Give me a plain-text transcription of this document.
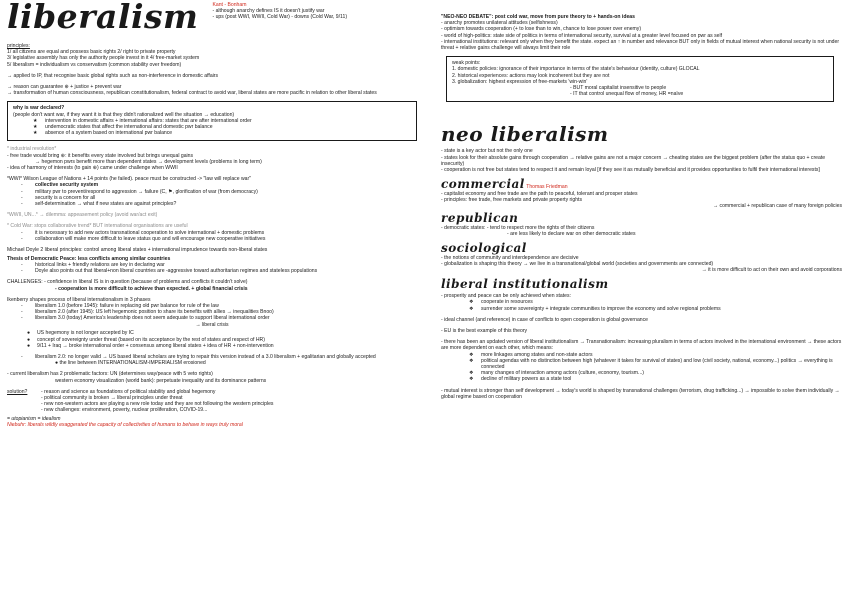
liberalism	Kant - Bonham

- although anarchy defines IS it doesn't justify war

- ups (post WWI, WWII, Cold War) - downs (Cold War, 9/11)

principles:

1/ all citizens are equal and possess basic rights 2/ right to private property

3/ legislative assembly has only the authority people invest in it 4/ free-market system

5/ liberalism = individualism vs conservatism (common stability over freedom)

→ applied to IP, that recognise basic global rights such as non-interference in domestic affairs

→ reason can guarantee ⊕ + justice + prevent war

→ transformation of human consciousness, republican constitutionalism, federal contract to avoid war, liberal states are more pacific in relation to other liberal states

why is war declared?

(people don't want war, if they want it is that they didn't rationalized well the situation → education)

★	intervention in domestic affairs + international affairs: states that are after international order
★	undemocratic states that affect the international and domestic pwr balance
★	absence of a system based on international pwr balance

* industrial revolution*

- free trade would bring ⊕: it benefits every state involved but brings unequal gains

→ hegemon pwrs benefit more than dependent states → development levels (problems in long term)

- idea of harmony of interests (to gain ⊕) came under challenge when WWII

*WWI* Wilson League of Nations + 14 points (he failed). peace must be constructed -> "law will replace war"

-	collective security system
-	military pwr to prevent/respond to aggression → failure (C, ⚑, glorification of war (from democracy)
-	security is a concern for all
-	self-determination → what if new states are against principles?

*WWII, UN...* → dilemma: appeasement policy (avoid war/act exit)

* Cold War: stops collaborative trend* BUT international organisations are useful

-	it is necessary to add new actors transnational cooperation to solve international + domestic problems
-	collaboration will make more difficult to leave status quo and will encourage new cooperative initiatives

Michael Doyle 2 liberal principles: control among liberal states + international imprudence towards non-liberal states

Thesis of Democratic Peace: less conflicts among similar countries

-	historical links + friendly relations are key in declaring war
-	Doyle also points out that liberal+non liberal countries are -aggressive toward authoritarian regimes and stateless populations

CHALLENGES: - confidence in liberal IS is in question (because of problems and conflicts it couldn't solve)

- cooperation is more difficult to achieve than expected. + global financial crisis

Ikenberry shapes process of liberal internationalism in 3 phases

-	liberalism 1.0 (before 1945): failure in replacing old pwr balance for rule of the law
-	liberalism 2.0 (after 1945): US left hegemonic position to share its benefits with allies → inequalities Bnoo)
-	liberalism 3.0 (today) America's leadership does not seem adequate to support liberal international order

→ liberal crisis

●	US hegemony is not longer accepted by IC
●	concept of sovereignty under threat (based on its acceptance by the rest of states and respect of HR)
●	9/11 + Iraq → broke international order + consensus among liberal states + idea of HR + non-intervention
-	liberalism 2.0: no longer valid → US based liberal scholars are trying to repair this version instead of a 3.0 liberalism + egalitarian and globally accepted

● the line between INTERNATIONALISM-IMPERIALISM erosioned

- current liberalism has 2 problematic factors: UN (determines way/peace with 5 veto rights)

western economy visualization (world bank): perpetuate inequality and its dominance patterns

solution?	- reason and science as foundations of political stability and global hegemony

- political community is broken → liberal principles under threat

- new non-western actors are playing a new role today and they are not following the western principles

- new challenges: environment, poverty, nuclear proliferation, COVID-19...

= utopianism = idealism

Niebuhr: liberals wildly exaggerated the capacity of collectivities of humans to behave in ways truly moral

"NEO-NEO DEBATE": post cold war, move from pure theory to + hands-on ideas

- anarchy promotes unilateral attitudes (selfishness)

- optimism towards cooperation (+ to lose than to win, chance to lose power over enemy)

- world of high-politics: state side of politics in terms of international security, survival at a greater level focused on pwr as self

- international institutions: relevant only when they benefit the state. expect an ↑ in number and relevance BUT only in fields of mutual interest when national security is not under threat + relative gains challenge will always limit their role

weak points:

1. domestic policies: ignorance of their importance in terms of the state's behaviour (identity, culture) GLOCAL

2. historical experiences: actions may look incoherent but they are not

3. globalization: highest expression of free-markets 'win-win'

- BUT moral capitalist insensitive to people

- IT that control unequal flow of money, HR =naïve

neo liberalism

- state is a key actor but not the only one

- states look for their absolute gains through cooperation → relative gains are not a major concern → cheating states are the biggest problem (after the status quo + create insecurity)

- cooperation is not free but states tend to respect it and remain loyal [if they see it as mutually beneficial and it provides opportunities to fulfil their international interests]

commercial Thomas Friedman

- capitalist economy and free trade are the path to peaceful, tolerant and prosper states

- principles: free trade, free markets and private property rights

→ commercial + republican case of many foreign policies

republican

- democratic states: - tend to respect more the rights of their citizens

- are less likely to declare war on other democratic states

sociological

- the notions of community and interdependence are decisive

- globalization is shaping this theory → we live in a transnational/global world (societies and governments are connected)

→ it is more difficult to act on their own and avoid corporations

liberal institutionalism

- prosperity and peace can be only achieved when states:

❖	cooperate in resources
❖	surrender some sovereignty + integrate communities to improve the economy and solve regional problems

- ideal channel (and reference) in case of conflicts to open cooperation is global governance

- EU is the best example of this theory

- there has been an updated version of liberal institutionalism → Transnationalism: increasing pluralism in terms of actors involved in the international environment → these actors are more dependent on each other, which means:

❖	more linkages among states and non-state actors
❖	political agendas with no distinction between high (whatever it takes for survival of states) and low (civil society, national, economy...) politics → everything is connected
❖	many changes of interaction among actors (culture, economy, tourism...)
❖	decline of military powers as a state tool

- mutual interest is stronger than self development → today's world is shaped by transnational challenges (terrorism, drug trafficking...) → impossible to solve them individually → global regime based on cooperation
